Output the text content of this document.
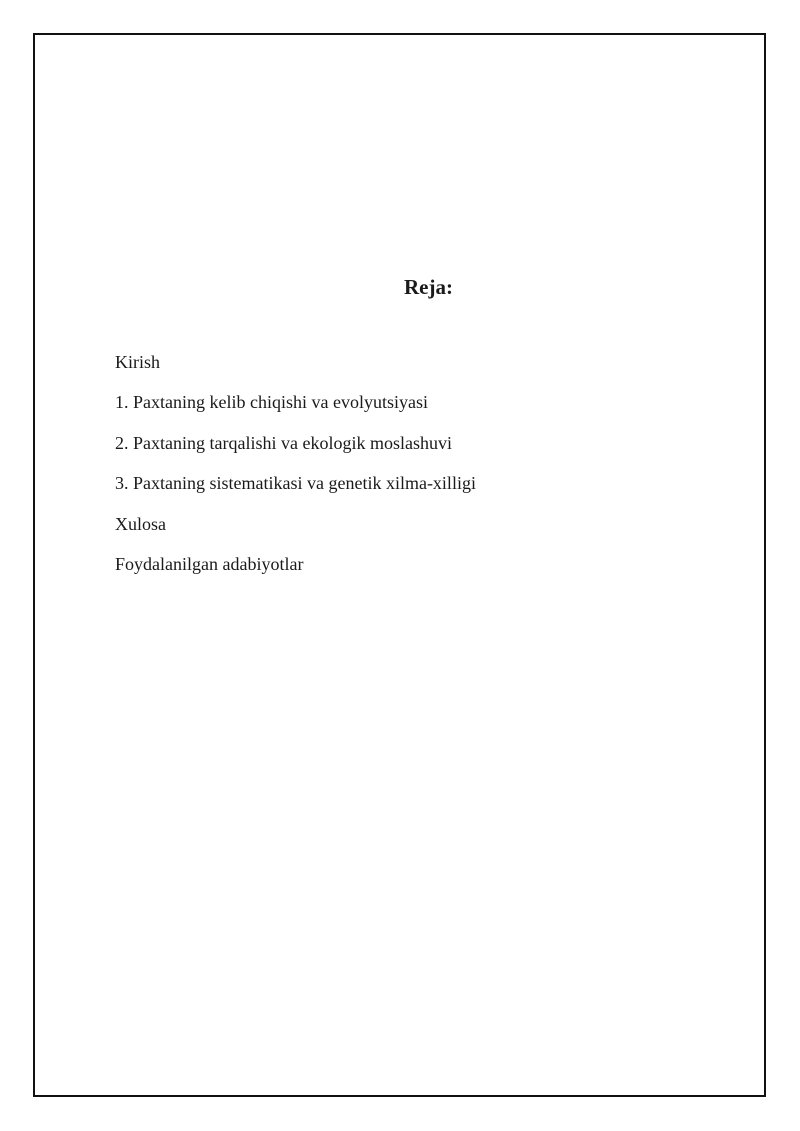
Reja:
Kirish
1. Paxtaning kelib chiqishi va evolyutsiyasi
2. Paxtaning tarqalishi va ekologik moslashuvi
3. Paxtaning sistematikasi va genetik xilma-xilligi
Xulosa
Foydalanilgan adabiyotlar
